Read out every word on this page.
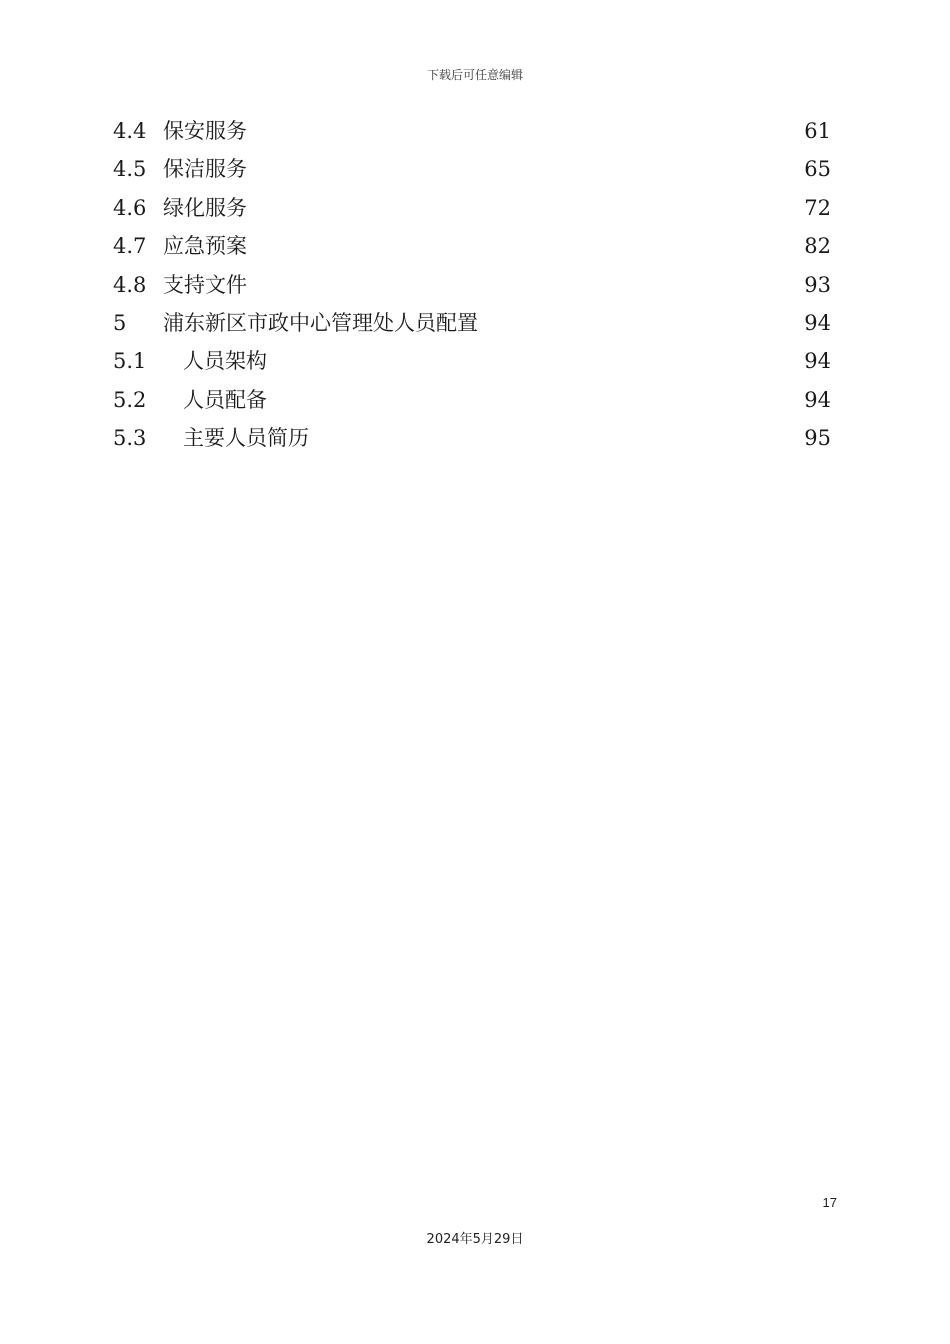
下载后可任意编辑
4.4 保安服务	61
4.5 保洁服务	65
4.6 绿化服务	72
4.7 应急预案	82
4.8 支持文件	93
5 浦东新区市政中心管理处人员配置	94
5.1 人员架构	94
5.2 人员配备	94
5.3 主要人员简历	95
17
2024年5月29日
